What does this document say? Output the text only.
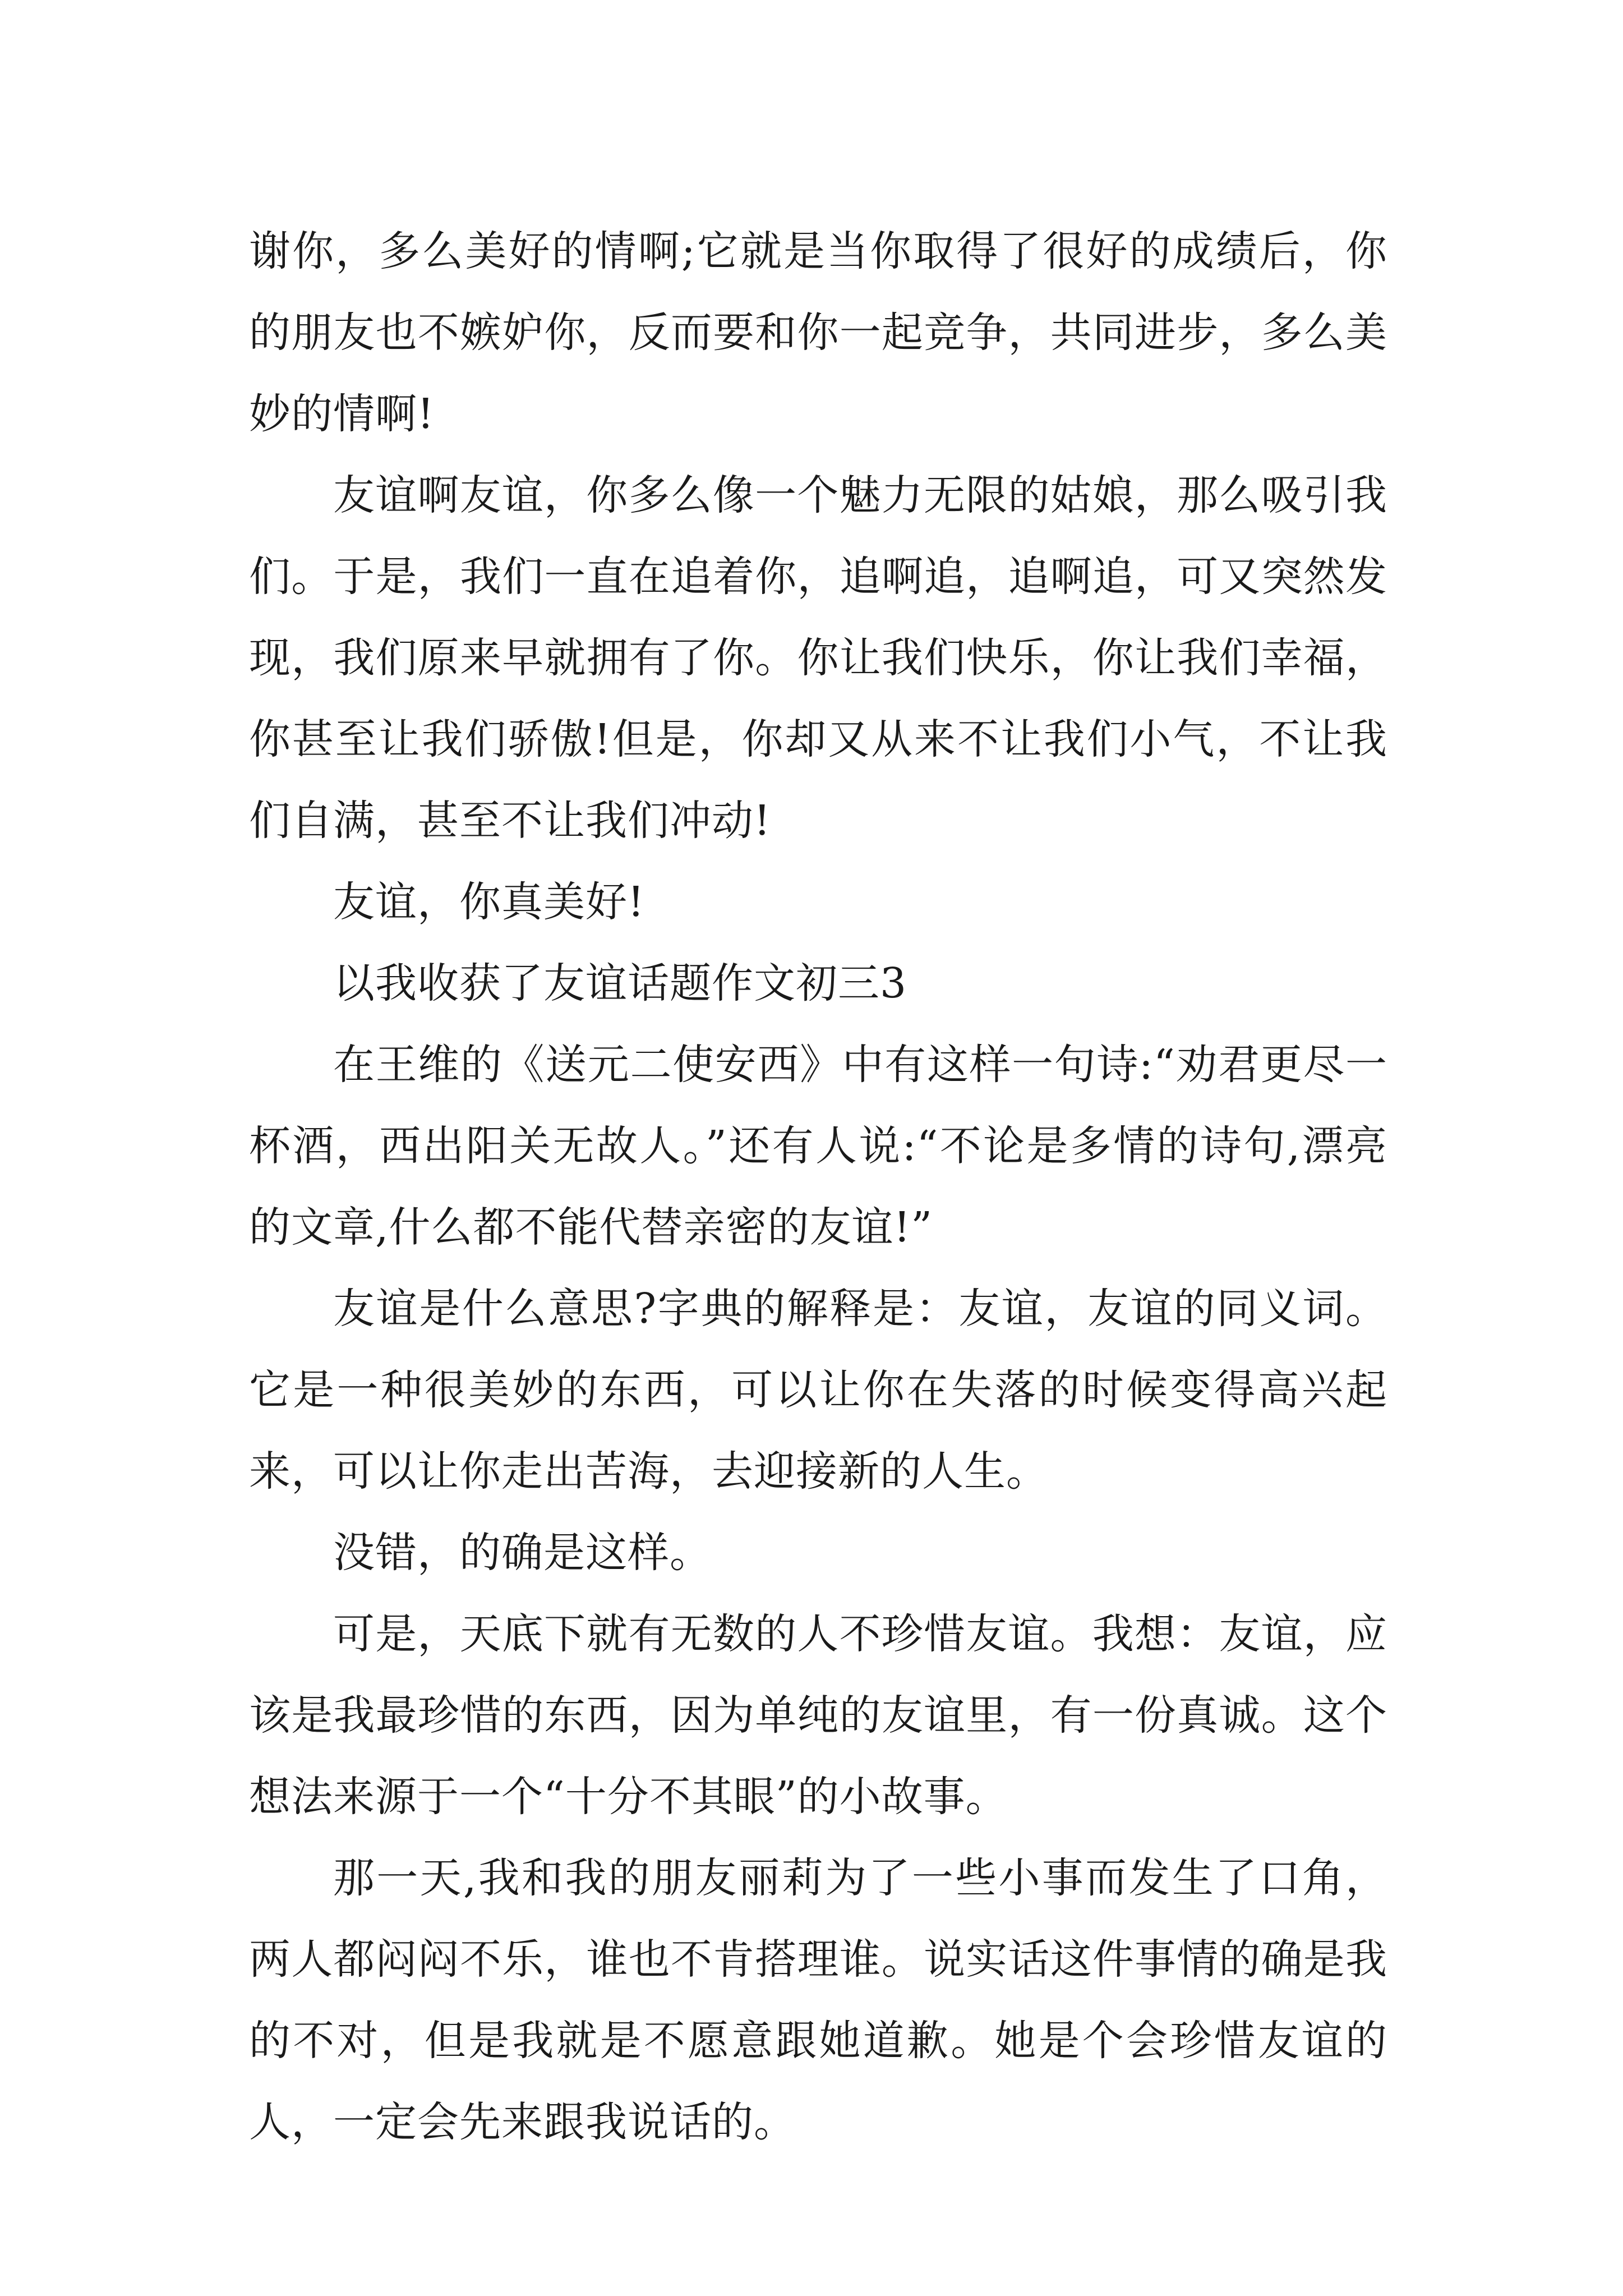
谢你，多么美好的情啊;它就是当你取得了很好的成绩后，你的朋友也不嫉妒你，反而要和你一起竞争，共同进步，多么美妙的情啊!

友谊啊友谊，你多么像一个魅力无限的姑娘，那么吸引我们。于是，我们一直在追着你，追啊追，追啊追，可又突然发现，我们原来早就拥有了你。你让我们快乐，你让我们幸福，你甚至让我们骄傲!但是，你却又从来不让我们小气，不让我们自满，甚至不让我们冲动!

友谊，你真美好!

以我收获了友谊话题作文初三3

在王维的《送元二使安西》中有这样一句诗:“劝君更尽一杯酒，西出阳关无故人。”还有人说:“不论是多情的诗句,漂亮的文章,什么都不能代替亲密的友谊!”

友谊是什么意思?字典的解释是：友谊，友谊的同义词。它是一种很美妙的东西，可以让你在失落的时候变得高兴起来，可以让你走出苦海，去迎接新的人生。

没错，的确是这样。

可是，天底下就有无数的人不珍惜友谊。我想：友谊，应该是我最珍惜的东西，因为单纯的友谊里，有一份真诚。这个想法来源于一个“十分不其眼”的小故事。

那一天,我和我的朋友丽莉为了一些小事而发生了口角，两人都闷闷不乐，谁也不肯搭理谁。说实话这件事情的确是我的不对，但是我就是不愿意跟她道歉。她是个会珍惜友谊的人，一定会先来跟我说话的。
